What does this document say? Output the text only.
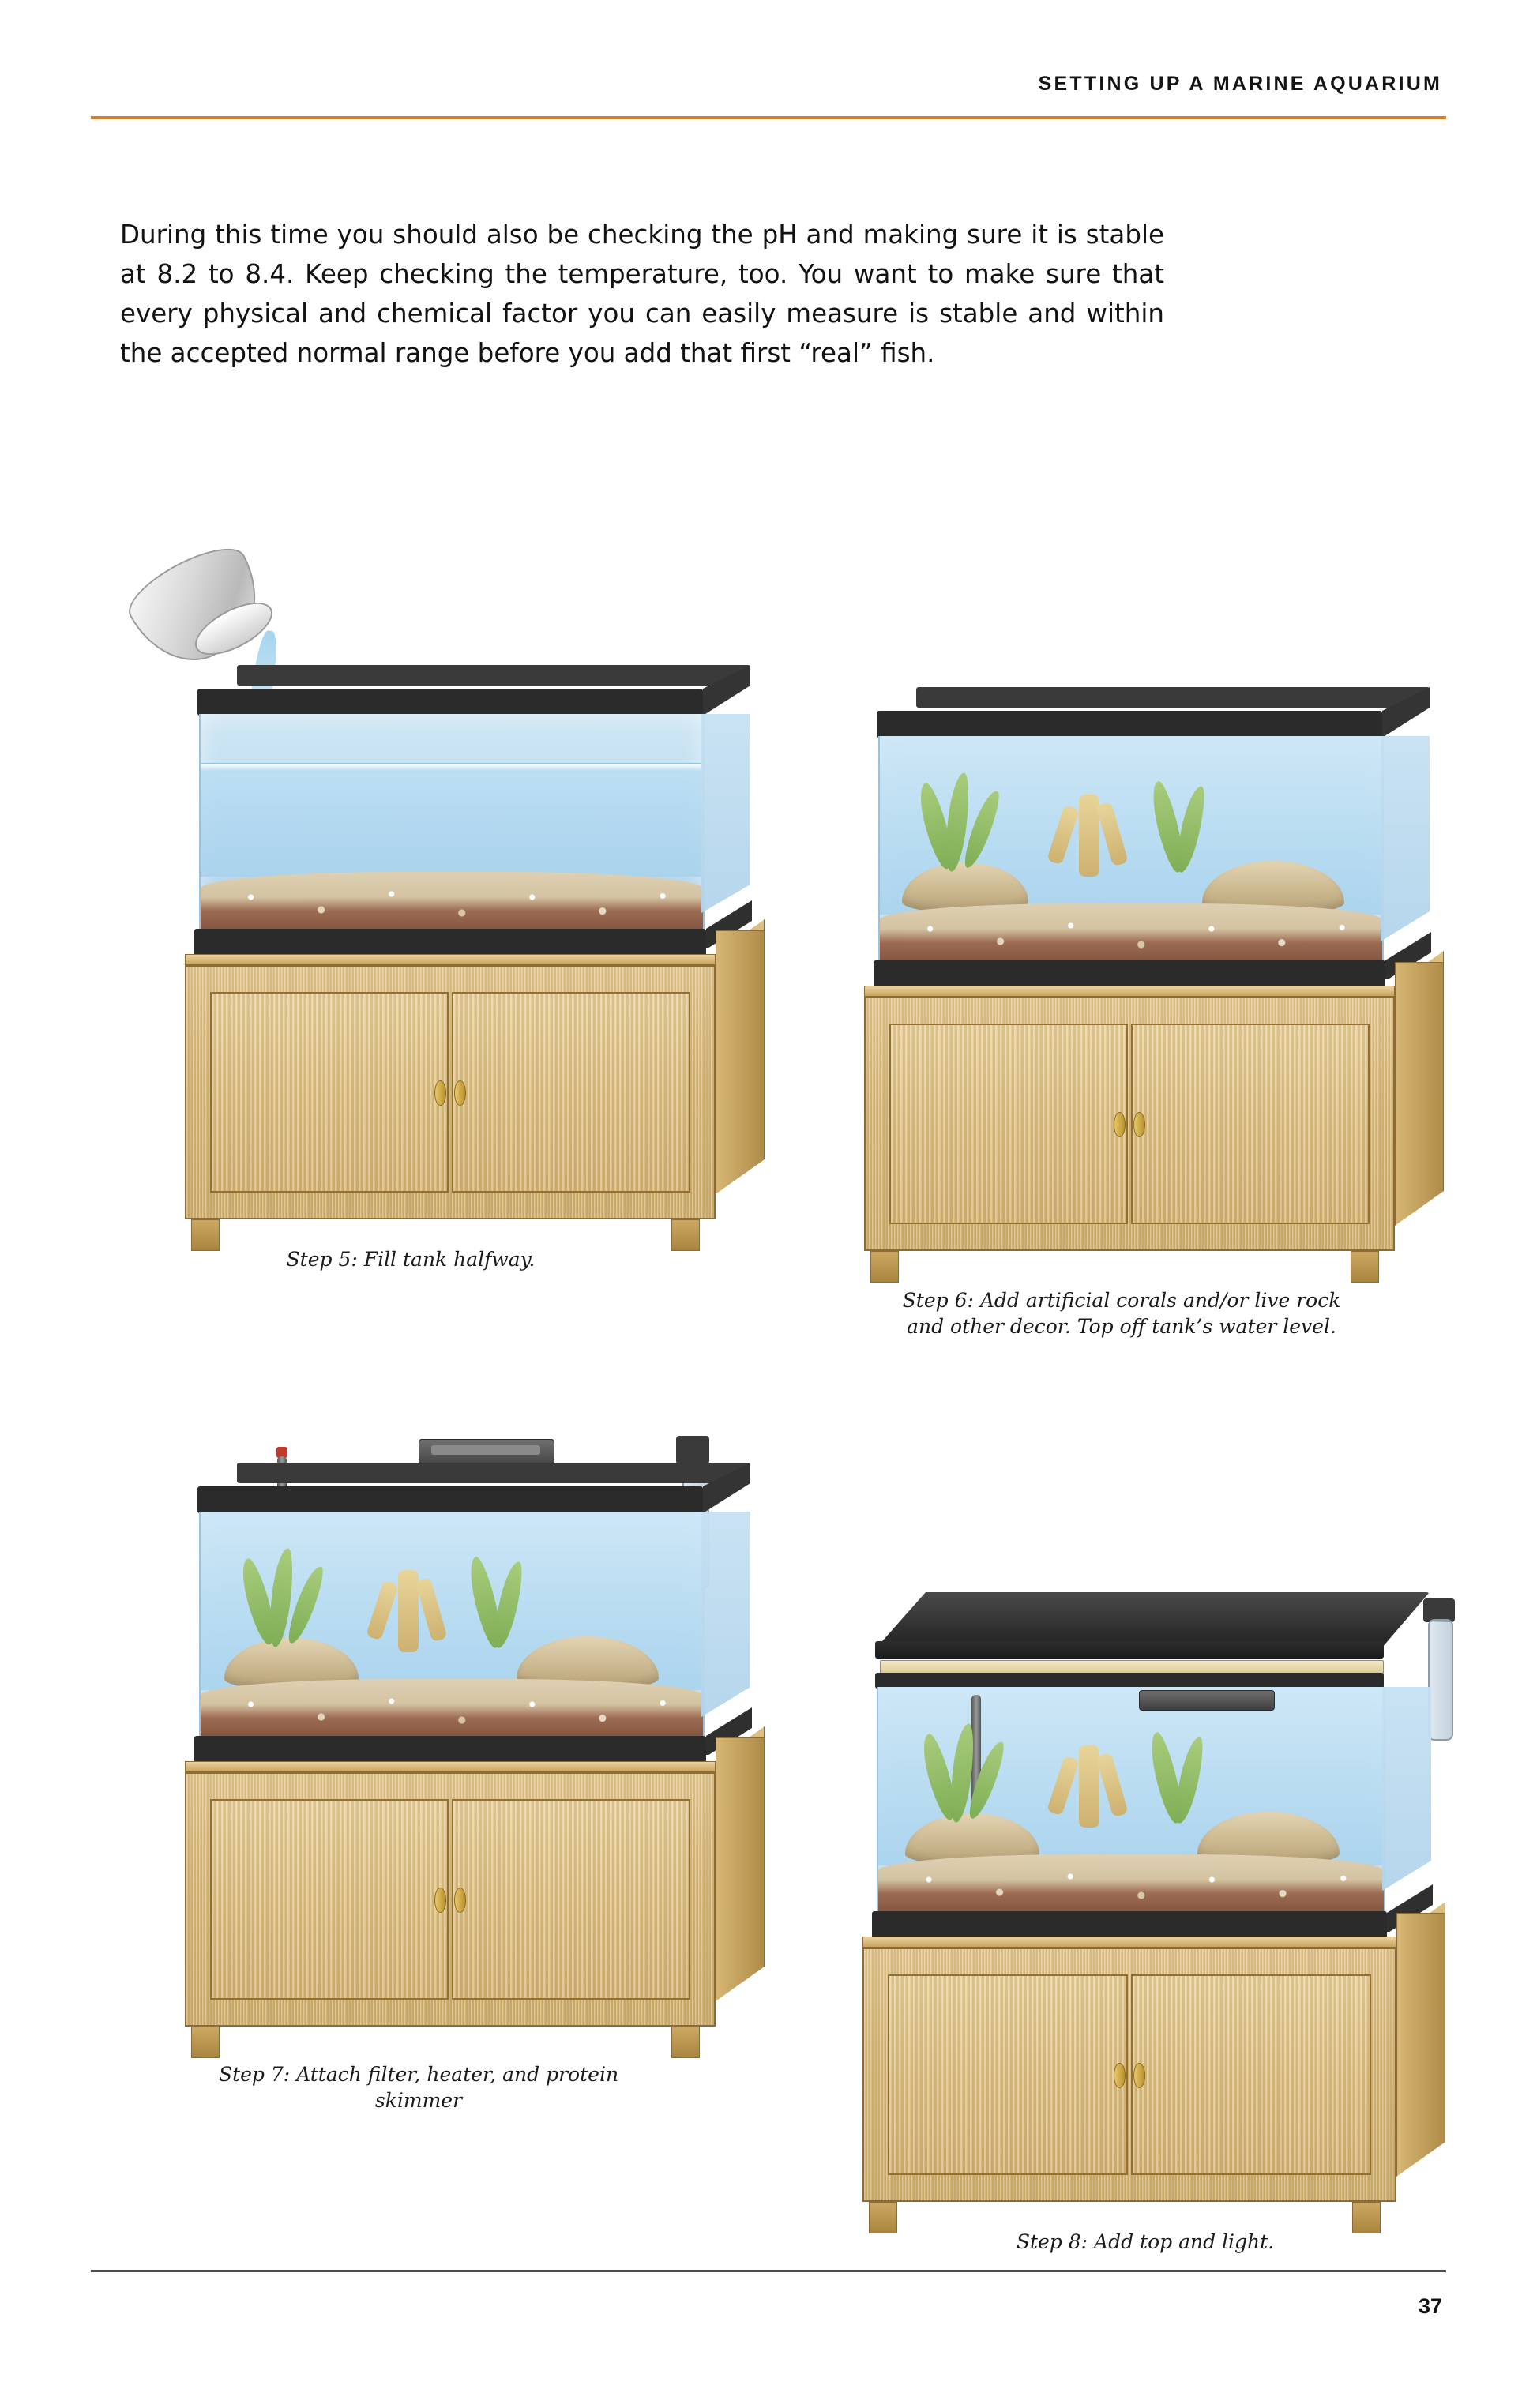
SETTING UP A MARINE AQUARIUM

During this time you should also be checking the pH and making sure it is stable at 8.2 to 8.4. Keep checking the temperature, too. You want to make sure that every physical and chemical factor you can easily measure is stable and within the accepted normal range before you add that first “real” fish.

Step 5: Fill tank halfway.
Step 6: Add artificial corals and/or live rock and other decor. Top off tank’s water level.
Step 7: Attach filter, heater, and protein skimmer
Step 8: Add top and light.
37
